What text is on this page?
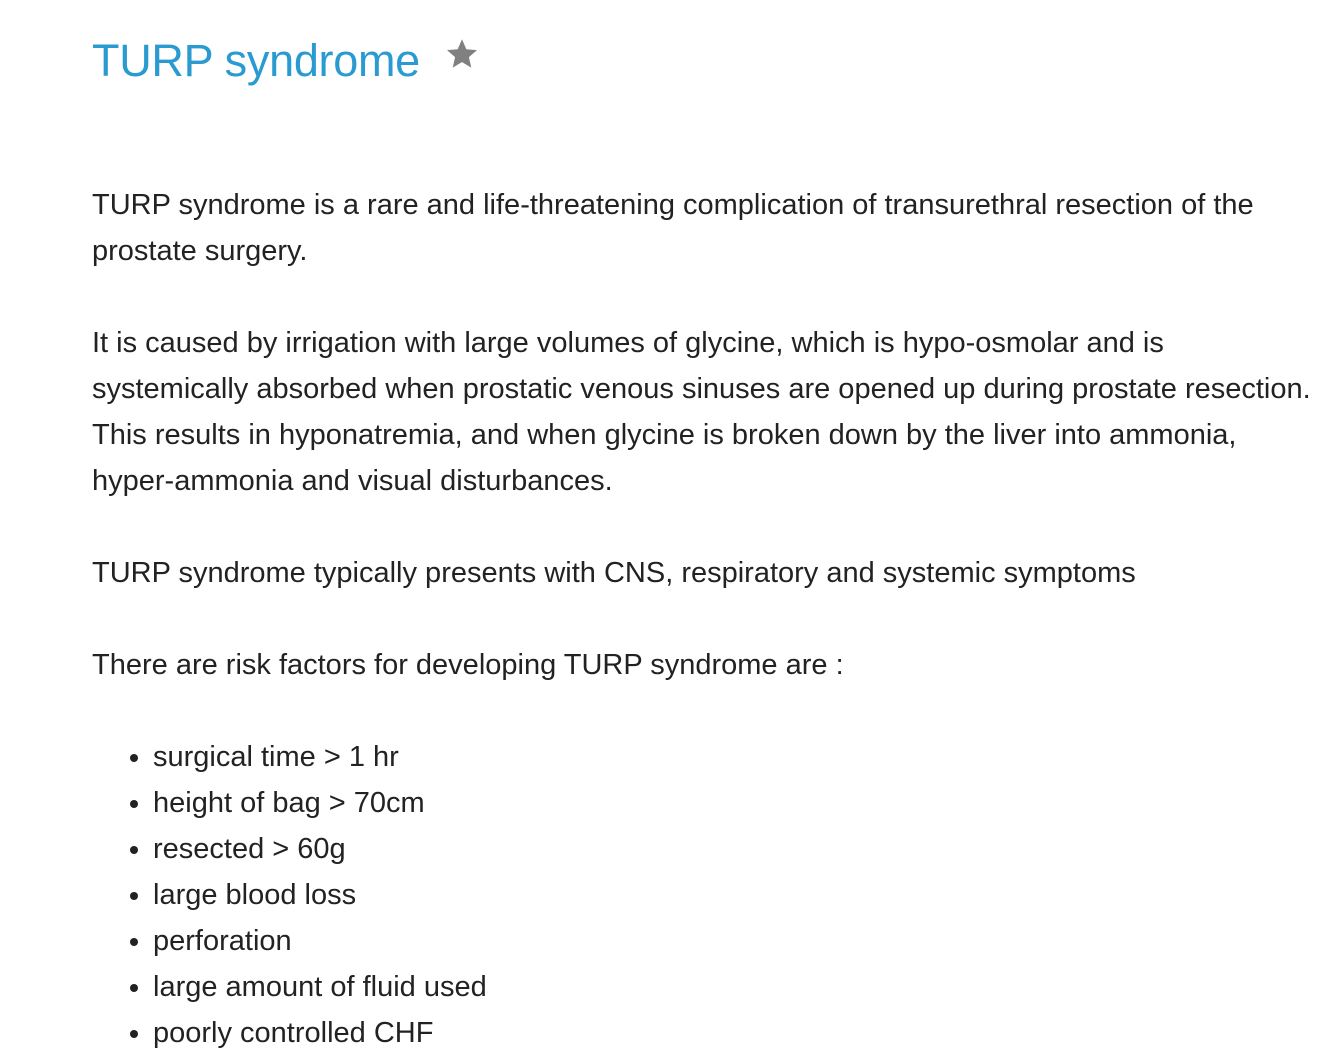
TURP syndrome

TURP syndrome is a rare and life-threatening complication of transurethral resection of the prostate surgery.

It is caused by irrigation with large volumes of glycine, which is hypo-osmolar and is systemically absorbed when prostatic venous sinuses are opened up during prostate resection. This results in hyponatremia, and when glycine is broken down by the liver into ammonia, hyper-ammonia and visual disturbances.

TURP syndrome typically presents with CNS, respiratory and systemic symptoms

There are risk factors for developing TURP syndrome are :

• surgical time > 1 hr
• height of bag > 70cm
• resected > 60g
• large blood loss
• perforation
• large amount of fluid used
• poorly controlled CHF
